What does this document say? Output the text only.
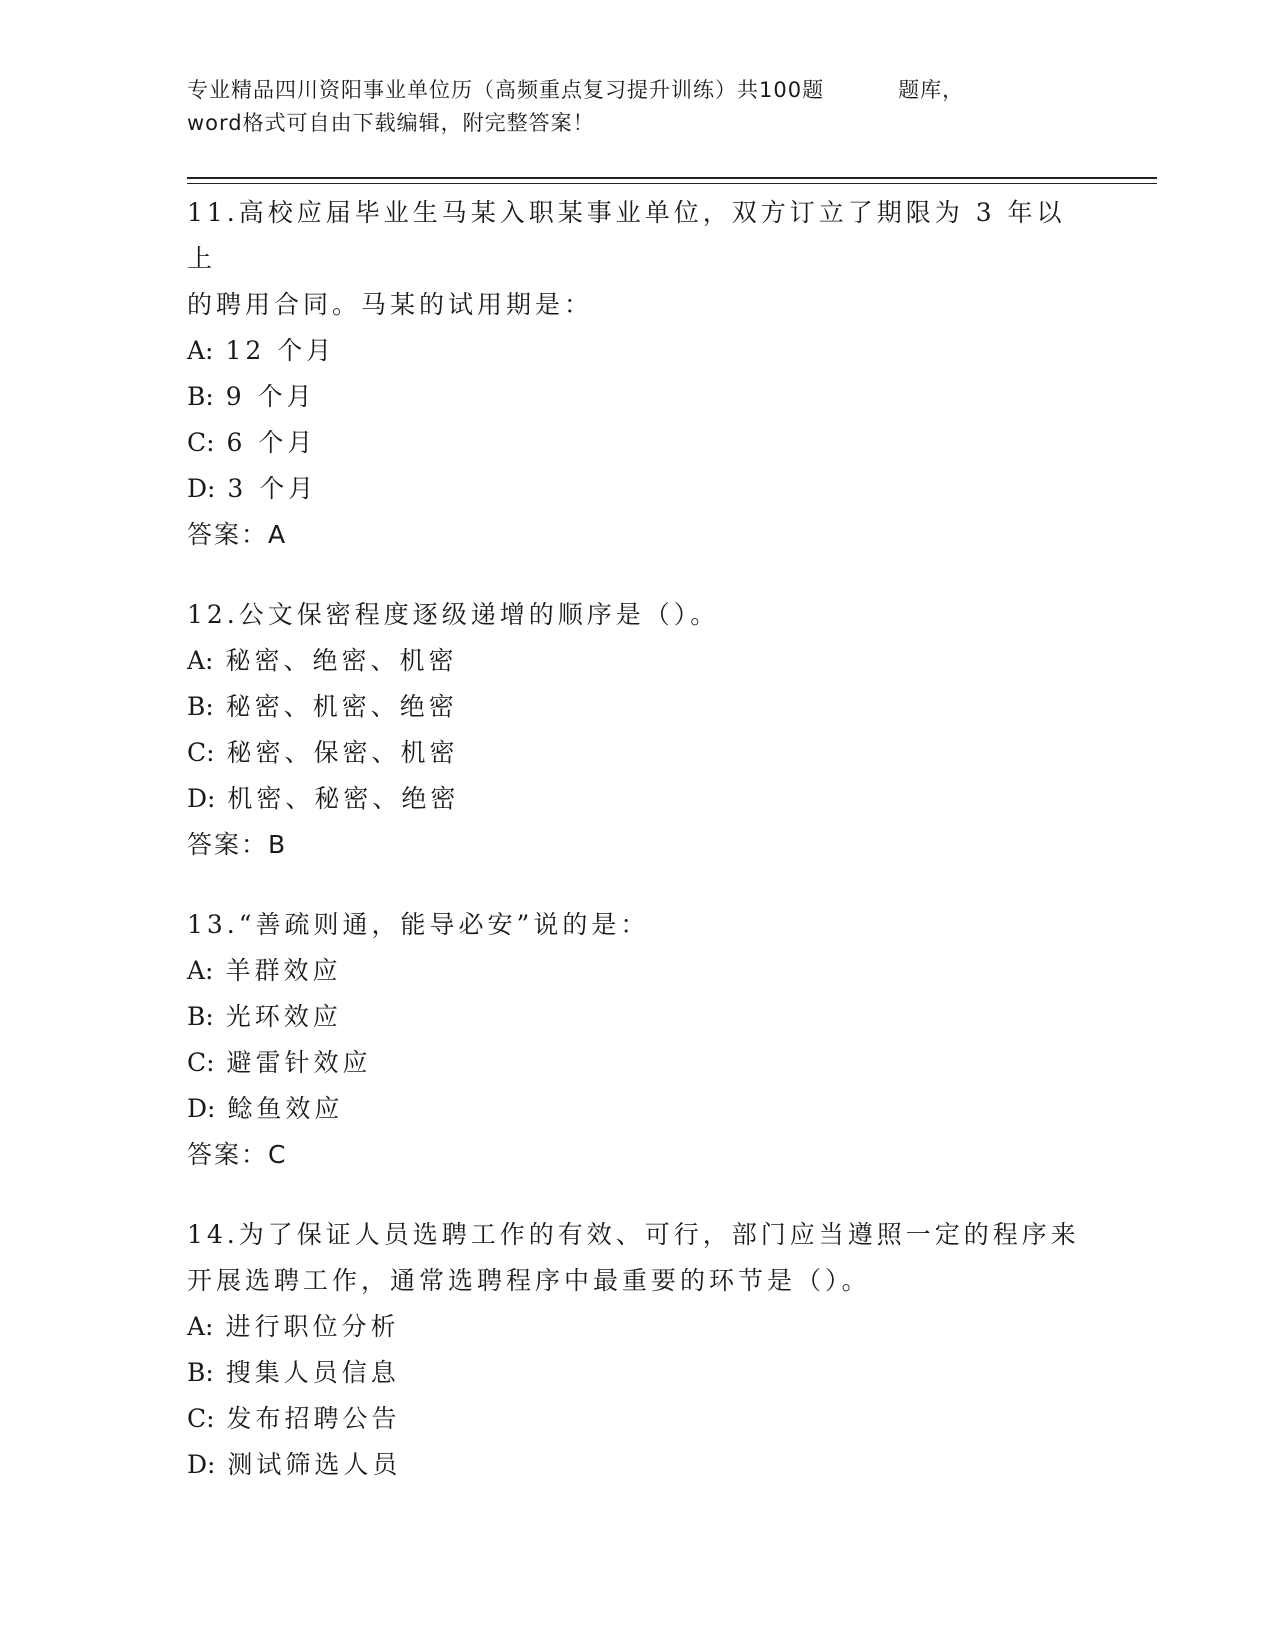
专业精品四川资阳事业单位历（高频重点复习提升训练）共100题	题库，
word格式可自由下载编辑，附完整答案！
11.高校应届毕业生马某入职某事业单位，双方订立了期限为 3 年以上
的聘用合同。马某的试用期是：
A: 12 个月
B: 9 个月
C: 6 个月
D: 3 个月
答案：A
12.公文保密程度逐级递增的顺序是（）。
A: 秘密、绝密、机密
B: 秘密、机密、绝密
C: 秘密、保密、机密
D: 机密、秘密、绝密
答案：B
13.“善疏则通，能导必安”说的是：
A: 羊群效应
B: 光环效应
C: 避雷针效应
D: 鲶鱼效应
答案：C
14.为了保证人员选聘工作的有效、可行，部门应当遵照一定的程序来
开展选聘工作，通常选聘程序中最重要的环节是（）。
A: 进行职位分析
B: 搜集人员信息
C: 发布招聘公告
D: 测试筛选人员
